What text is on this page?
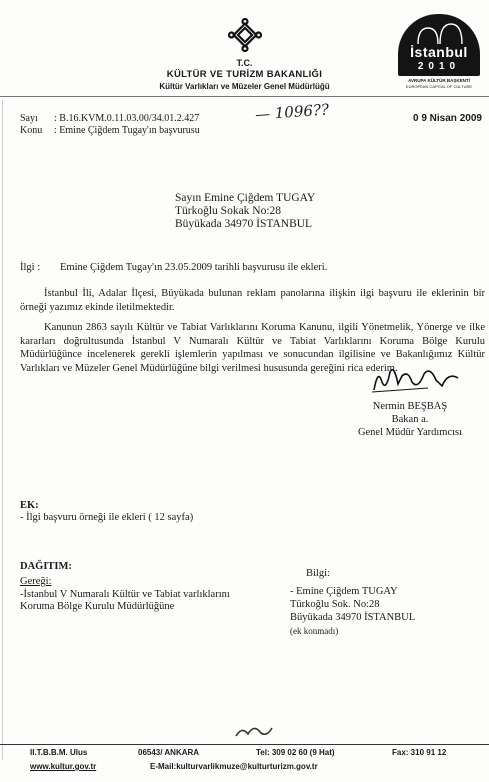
T.C.
KÜLTÜR VE TURİZM BAKANLIĞI
Kültür Varlıkları ve Müzeler Genel Müdürlüğü
İstanbul
2010
AVRUPA KÜLTÜR BAŞKENTİ
EUROPEAN CAPITAL OF CULTURE
Sayı : B.16.KVM.0.11.03.00/34.01.2.427	— 1096??	0 9 Nisan 2009
Konu : Emine Çiğdem Tugay'ın başvurusu
Sayın Emine Çiğdem TUGAY
Türkoğlu Sokak No:28
Büyükada 34970 İSTANBUL
İlgi : Emine Çiğdem Tugay'ın 23.05.2009 tarihli başvurusu ile ekleri.
İstanbul İli, Adalar İlçesi, Büyükada bulunan reklam panolarına ilişkin ilgi başvuru ile eklerinin bir örneği yazımız ekinde iletilmektedir.
Kanunun 2863 sayılı Kültür ve Tabiat Varlıklarını Koruma Kanunu, ilgili Yönetmelik, Yönerge ve ilke kararları doğrultusunda İstanbul V Numaralı Kültür ve Tabiat Varlıklarını Koruma Bölge Kurulu Müdürlüğünce incelenerek gerekli işlemlerin yapılması ve sonucundan ilgilisine ve Bakanlığımız Kültür Varlıkları ve Müzeler Genel Müdürlüğüne bilgi verilmesi hususunda gereğini rica ederim.
Nermin BEŞBAŞ
Bakan a.
Genel Müdür Yardımcısı
EK:
- İlgi başvuru örneği ile ekleri ( 12 sayfa)
DAĞITIM:
Gereği:
-İstanbul V Numaralı Kültür ve Tabiat varlıklarını
Koruma Bölge Kurulu Müdürlüğüne
Bilgi:
- Emine Çiğdem TUGAY
Türkoğlu Sok. No:28
Büyükada 34970 İSTANBUL
(ek konmadı)
II.T.B.B.M. Ulus	06543/ ANKARA	Tel: 309 02 60 (9 Hat)	Fax: 310 91 12
www.kultur.gov.tr	E-Mail:kulturvarlikmuze@kulturturizm.gov.tr
